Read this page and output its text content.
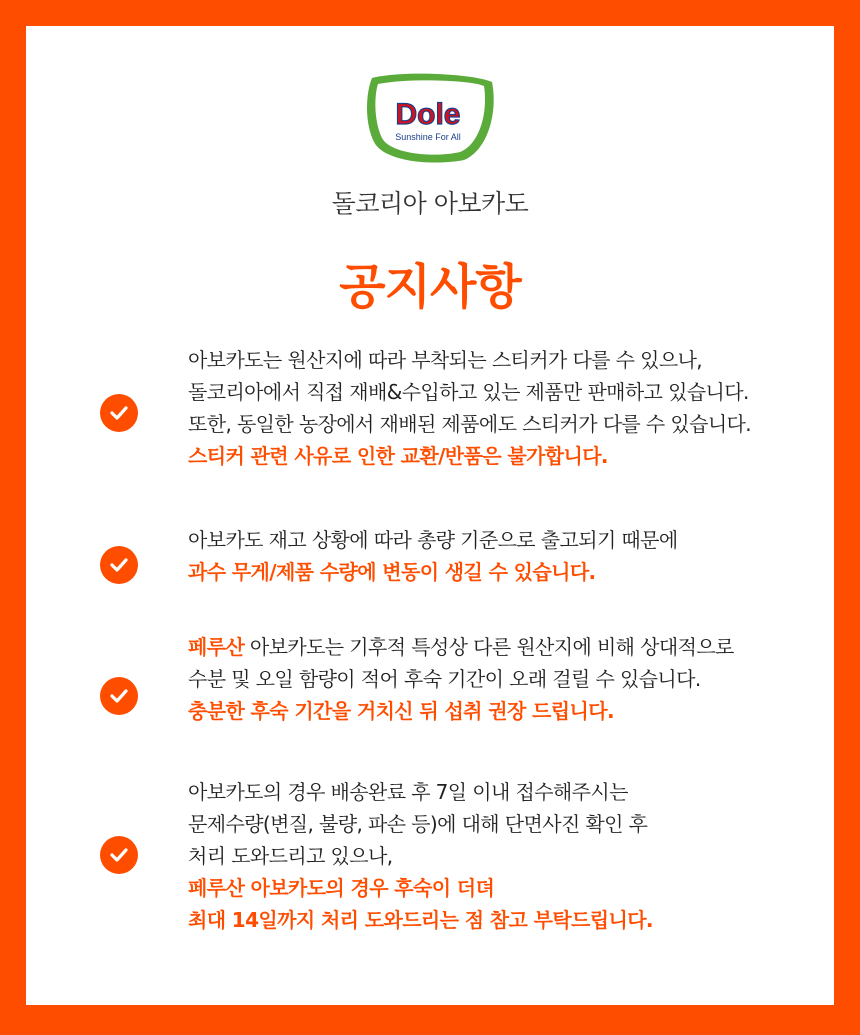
Dole
Sunshine For All
돌코리아 아보카도
공지사항
아보카도는 원산지에 따라 부착되는 스티커가 다를 수 있으나,
돌코리아에서 직접 재배&수입하고 있는 제품만 판매하고 있습니다.
또한, 동일한 농장에서 재배된 제품에도 스티커가 다를 수 있습니다.
스티커 관련 사유로 인한 교환/반품은 불가합니다.
아보카도 재고 상황에 따라 총량 기준으로 출고되기 때문에
과수 무게/제품 수량에 변동이 생길 수 있습니다.
페루산 아보카도는 기후적 특성상 다른 원산지에 비해 상대적으로
수분 및 오일 함량이 적어 후숙 기간이 오래 걸릴 수 있습니다.
충분한 후숙 기간을 거치신 뒤 섭취 권장 드립니다.
아보카도의 경우 배송완료 후 7일 이내 접수해주시는
문제수량(변질, 불량, 파손 등)에 대해 단면사진 확인 후
처리 도와드리고 있으나,
페루산 아보카도의 경우 후숙이 더뎌
최대 14일까지 처리 도와드리는 점 참고 부탁드립니다.
